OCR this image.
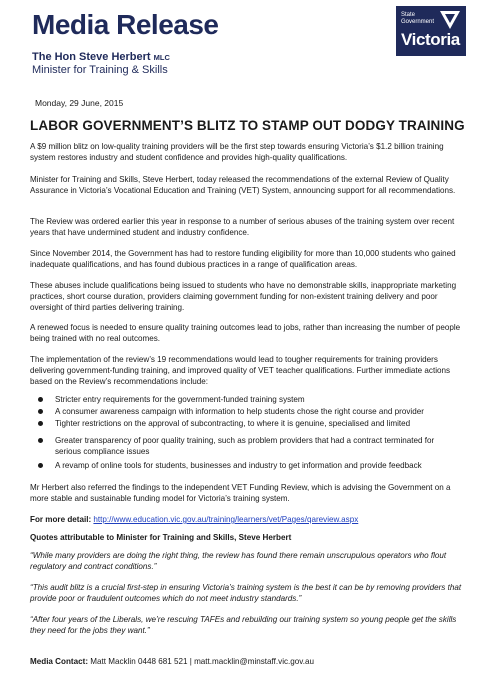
Media Release
The Hon Steve Herbert MLC
Minister for Training & Skills
State
Government
Victoria
Monday, 29 June, 2015
LABOR GOVERNMENT’S BLITZ TO STAMP OUT DODGY TRAINING

A $9 million blitz on low-quality training providers will be the first step towards ensuring Victoria’s $1.2 billion training system restores industry and student confidence and provides high-quality qualifications.

Minister for Training and Skills, Steve Herbert, today released the recommendations of the external Review of Quality Assurance in Victoria’s Vocational Education and Training (VET) System, announcing support for all recommendations.

The Review was ordered earlier this year in response to a number of serious abuses of the training system over recent years that have undermined student and industry confidence.

Since November 2014, the Government has had to restore funding eligibility for more than 10,000 students who gained inadequate qualifications, and has found dubious practices in a range of qualification areas.

These abuses include qualifications being issued to students who have no demonstrable skills, inappropriate marketing practices, short course duration, providers claiming government funding for non-existent training delivery and poor oversight of third parties delivering training.

A renewed focus is needed to ensure quality training outcomes lead to jobs, rather than increasing the number of people being trained with no real outcomes.

The implementation of the review’s 19 recommendations would lead to tougher requirements for training providers delivering government-funding training, and improved quality of VET teacher qualifications. Further immediate actions based on the Review’s recommendations include:

Stricter entry requirements for the government-funded training system
A consumer awareness campaign with information to help students chose the right course and provider
Tighter restrictions on the approval of subcontracting, to where it is genuine, specialised and limited
Greater transparency of poor quality training, such as problem providers that had a contract terminated for serious compliance issues
A revamp of online tools for students, businesses and industry to get information and provide feedback

Mr Herbert also referred the findings to the independent VET Funding Review, which is advising the Government on a more stable and sustainable funding model for Victoria’s training system.

For more detail: http://www.education.vic.gov.au/training/learners/vet/Pages/qareview.aspx

Quotes attributable to Minister for Training and Skills, Steve Herbert

“While many providers are doing the right thing, the review has found there remain unscrupulous operators who flout regulatory and contract conditions.”

“This audit blitz is a crucial first-step in ensuring Victoria’s training system is the best it can be by removing providers that provide poor or fraudulent outcomes which do not meet industry standards.”

“After four years of the Liberals, we’re rescuing TAFEs and rebuilding our training system so young people get the skills they need for the jobs they want.”

Media Contact: Matt Macklin 0448 681 521 | matt.macklin@minstaff.vic.gov.au
